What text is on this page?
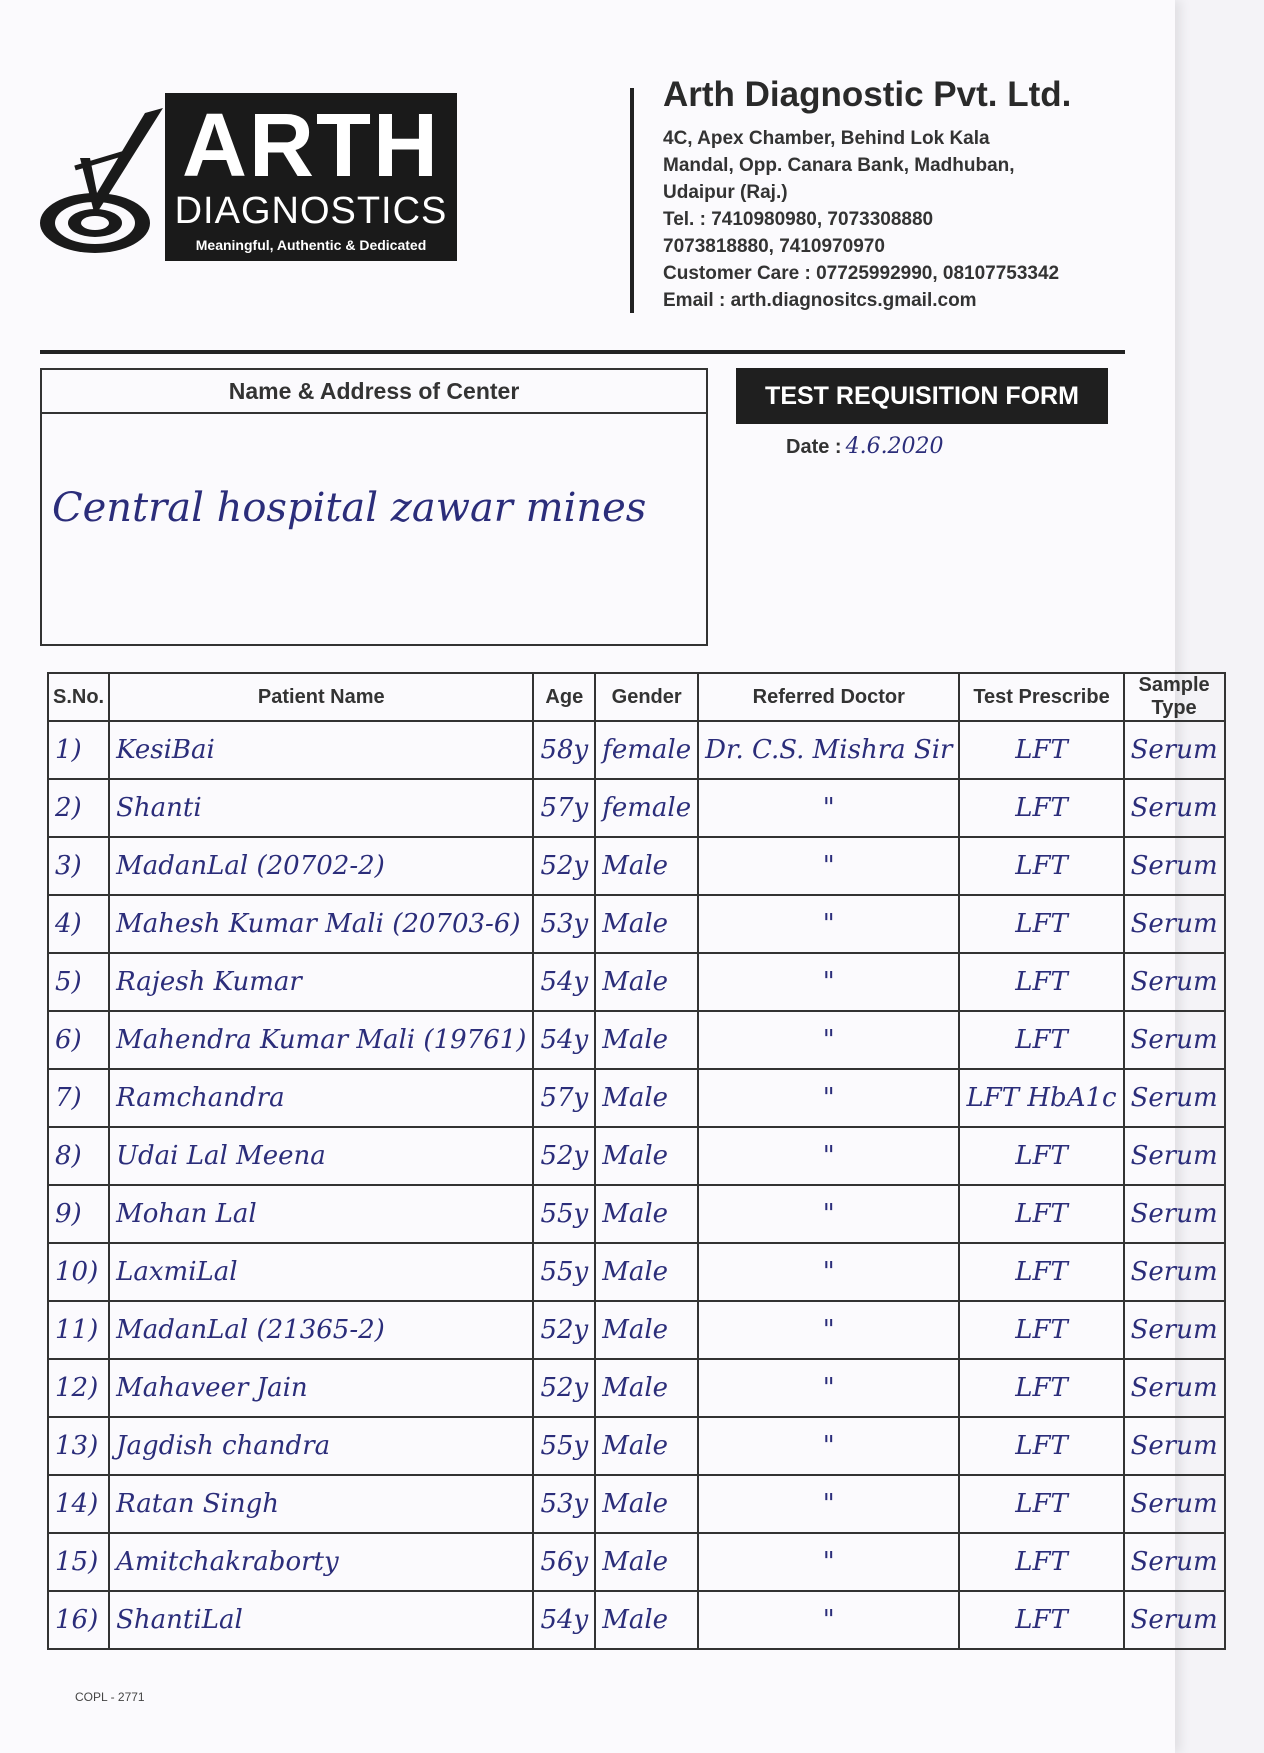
ARTH
DIAGNOSTICS
Meaningful, Authentic & Dedicated
Arth Diagnostic Pvt. Ltd.
4C, Apex Chamber, Behind Lok Kala
Mandal, Opp. Canara Bank, Madhuban,
Udaipur (Raj.)
Tel. : 7410980980, 7073308880
7073818880, 7410970970
Customer Care : 07725992990, 08107753342
Email : arth.diagnositcs.gmail.com
Name & Address of Center
Central hospital zawar mines
TEST REQUISITION FORM
Date : 4.6.2020
S.No.	Patient Name	Age	Gender	Referred Doctor	Test Prescribe	Sample Type
1)	KesiBai	58y	female	Dr. C.S. Mishra Sir	LFT	Serum
2)	Shanti	57y	female	"	LFT	Serum
3)	MadanLal (20702-2)	52y	Male	"	LFT	Serum
4)	Mahesh Kumar Mali (20703-6)	53y	Male	"	LFT	Serum
5)	Rajesh Kumar	54y	Male	"	LFT	Serum
6)	Mahendra Kumar Mali (19761)	54y	Male	"	LFT	Serum
7)	Ramchandra	57y	Male	"	LFT HbA1c	Serum
8)	Udai Lal Meena	52y	Male	"	LFT	Serum
9)	Mohan Lal	55y	Male	"	LFT	Serum
10)	LaxmiLal	55y	Male	"	LFT	Serum
11)	MadanLal (21365-2)	52y	Male	"	LFT	Serum
12)	Mahaveer Jain	52y	Male	"	LFT	Serum
13)	Jagdish chandra	55y	Male	"	LFT	Serum
14)	Ratan Singh	53y	Male	"	LFT	Serum
15)	Amitchakraborty	56y	Male	"	LFT	Serum
16)	ShantiLal	54y	Male	"	LFT	Serum
COPL - 2771
